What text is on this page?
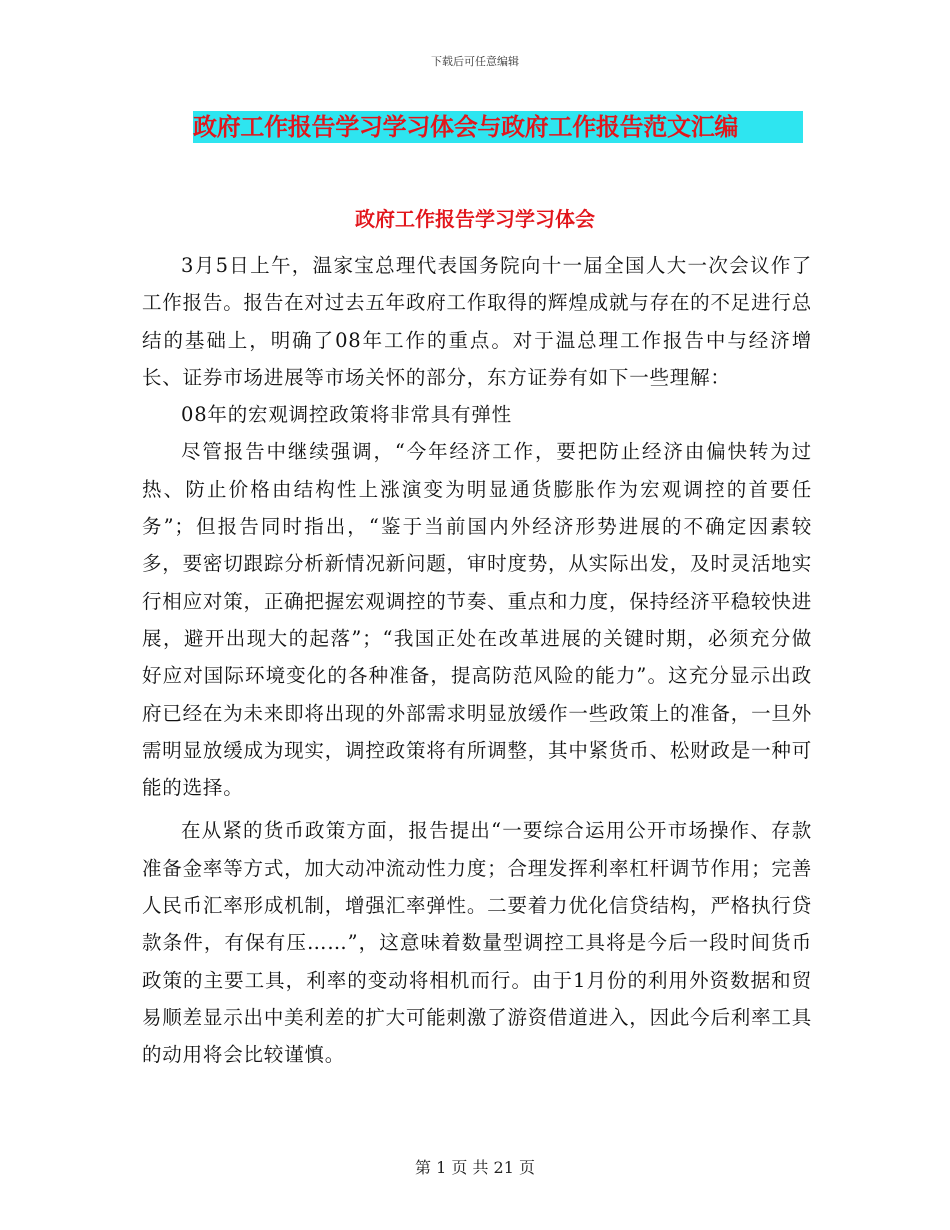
下载后可任意编辑
政府工作报告学习学习体会与政府工作报告范文汇编
政府工作报告学习学习体会

3月5日上午，温家宝总理代表国务院向十一届全国人大一次会议作了工作报告。报告在对过去五年政府工作取得的辉煌成就与存在的不足进行总结的基础上，明确了08年工作的重点。对于温总理工作报告中与经济增长、证券市场进展等市场关怀的部分，东方证券有如下一些理解：

08年的宏观调控政策将非常具有弹性

尽管报告中继续强调，“今年经济工作，要把防止经济由偏快转为过热、防止价格由结构性上涨演变为明显通货膨胀作为宏观调控的首要任务”；但报告同时指出，“鉴于当前国内外经济形势进展的不确定因素较多，要密切跟踪分析新情况新问题，审时度势，从实际出发，及时灵活地实行相应对策，正确把握宏观调控的节奏、重点和力度，保持经济平稳较快进展，避开出现大的起落”；“我国正处在改革进展的关键时期，必须充分做好应对国际环境变化的各种准备，提高防范风险的能力”。这充分显示出政府已经在为未来即将出现的外部需求明显放缓作一些政策上的准备，一旦外需明显放缓成为现实，调控政策将有所调整，其中紧货币、松财政是一种可能的选择。

在从紧的货币政策方面，报告提出“一要综合运用公开市场操作、存款准备金率等方式，加大动冲流动性力度；合理发挥利率杠杆调节作用；完善人民币汇率形成机制，增强汇率弹性。二要着力优化信贷结构，严格执行贷款条件，有保有压……”，这意味着数量型调控工具将是今后一段时间货币政策的主要工具，利率的变动将相机而行。由于1月份的利用外资数据和贸易顺差显示出中美利差的扩大可能刺激了游资借道进入，因此今后利率工具的动用将会比较谨慎。

第 1 页 共 21 页
